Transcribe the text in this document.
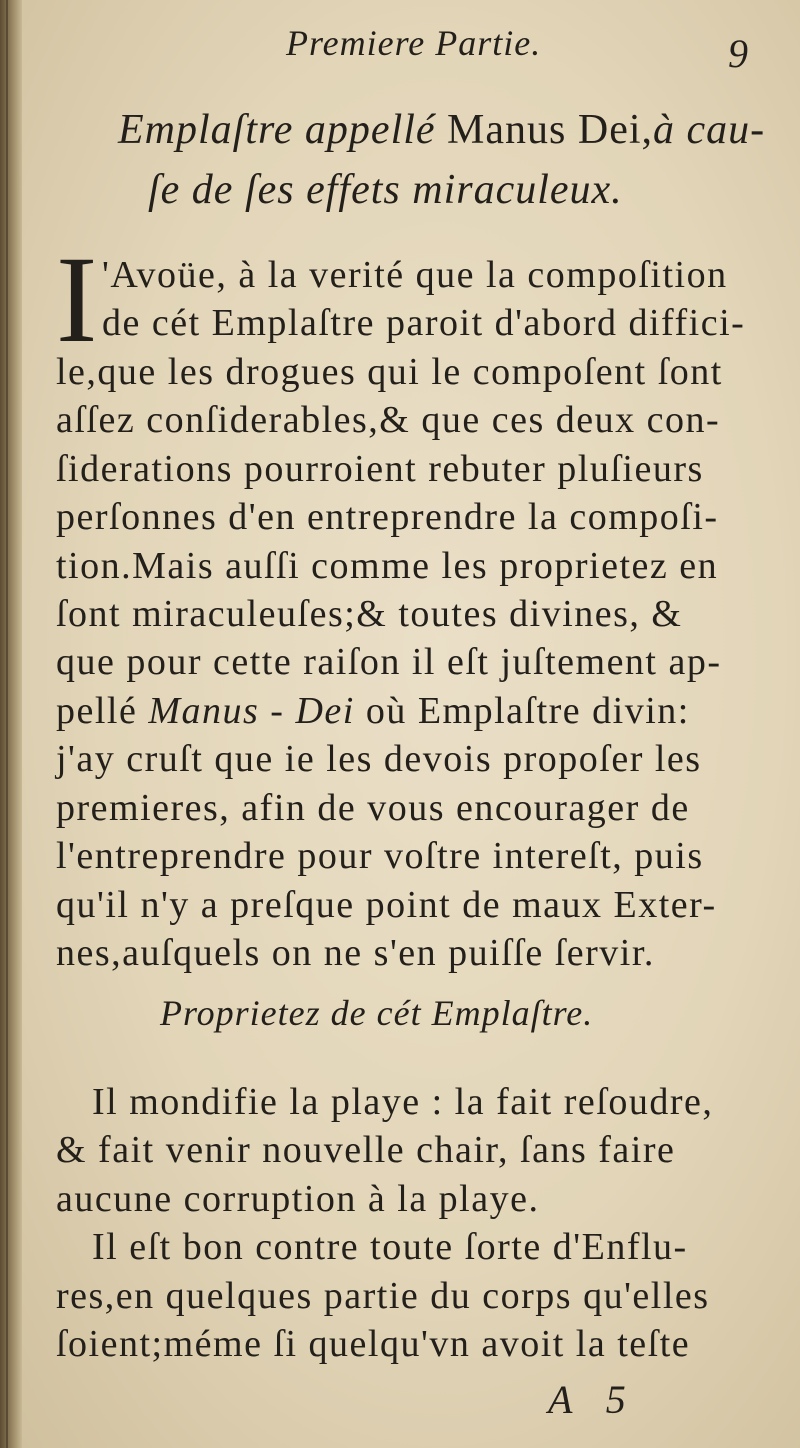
Premiere Partie.	9
Emplaſtre appellé Manus Dei,à cau-
ſe de ſes effets miraculeux.
I 'Avoüe, à la verité que la compoſition
de cét Emplaſtre paroit d'abord diffici-
le,que les drogues qui le compoſent ſont
aſſez conſiderables,& que ces deux con-
ſiderations pourroient rebuter pluſieurs
perſonnes d'en entreprendre la compoſi-
tion.Mais auſſi comme les proprietez en
ſont miraculeuſes;& toutes divines, &
que pour cette raiſon il eſt juſtement ap-
pellé Manus - Dei où Emplaſtre divin:
j'ay cruſt que ie les devois propoſer les
premieres, afin de vous encourager de
l'entreprendre pour voſtre intereſt, puis
qu'il n'y a preſque point de maux Exter-
nes,auſquels on ne s'en puiſſe ſervir.
Proprietez de cét Emplaſtre.
Il mondifie la playe : la fait reſoudre,
& fait venir nouvelle chair, ſans faire
aucune corruption à la playe.
Il eſt bon contre toute ſorte d'Enflu-
res,en quelques partie du corps qu'elles
ſoient;méme ſi quelqu'vn avoit la teſte
A 5
